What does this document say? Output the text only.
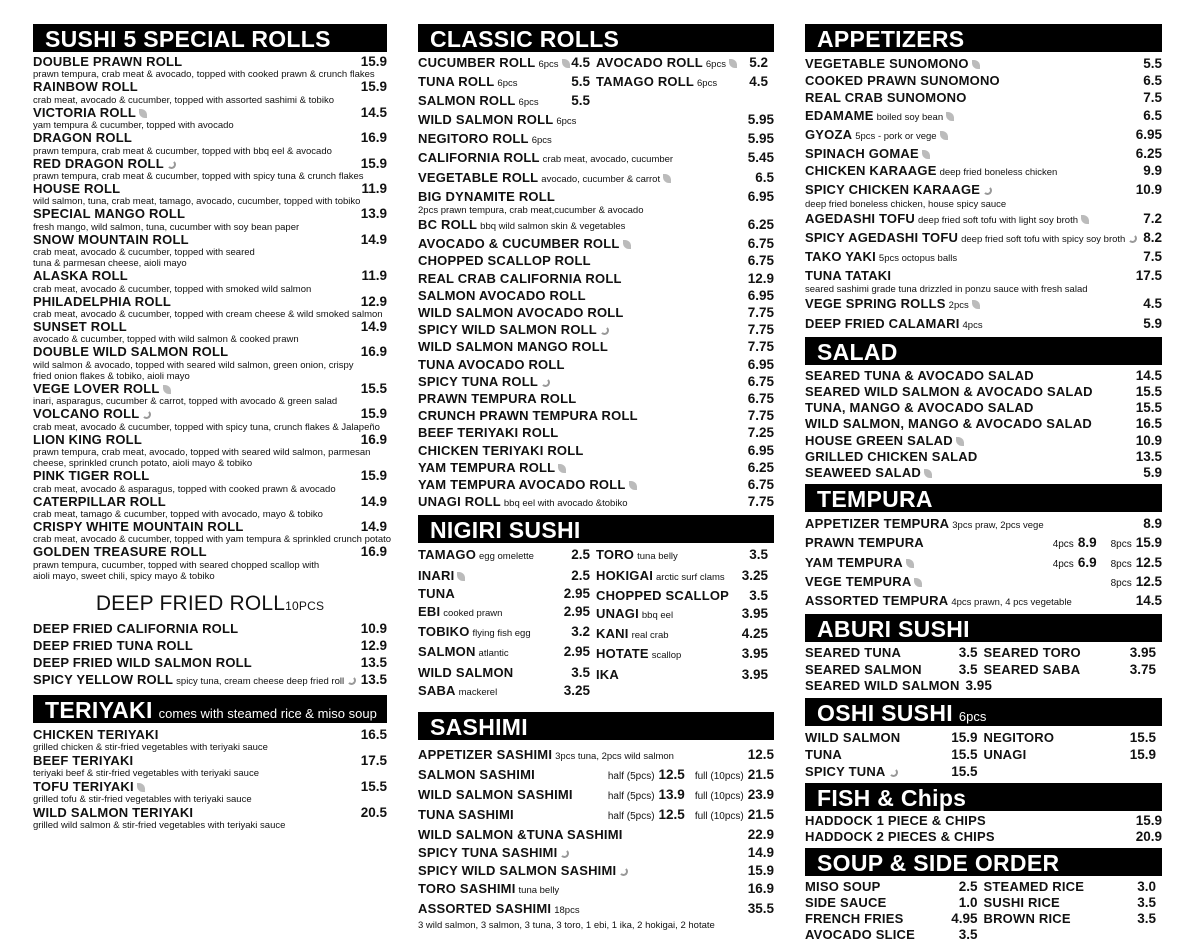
SUSHI 5 SPECIAL ROLLS
DOUBLE PRAWN ROLL	15.9
prawn tempura, crab meat & avocado, topped with cooked prawn & crunch flakes
RAINBOW ROLL	15.9
crab meat, avocado & cucumber, topped with assorted sashimi & tobiko
VICTORIA ROLL	14.5
yam tempura & cucumber, topped with avocado
DRAGON ROLL	16.9
prawn tempura, crab meat & cucumber, topped with bbq eel & avocado
RED DRAGON ROLL	15.9
prawn tempura, crab meat & cucumber, topped with spicy tuna & crunch flakes
HOUSE ROLL	11.9
wild salmon, tuna, crab meat, tamago, avocado, cucumber, topped with tobiko
SPECIAL MANGO ROLL	13.9
fresh mango, wild salmon, tuna, cucumber with soy bean paper
SNOW MOUNTAIN ROLL	14.9
crab meat, avocado & cucumber, topped with seared
tuna & parmesan cheese, aioli mayo
ALASKA ROLL	11.9
crab meat, avocado & cucumber, topped with smoked wild salmon
PHILADELPHIA ROLL	12.9
crab meat, avocado & cucumber, topped with cream cheese & wild smoked salmon
SUNSET ROLL	14.9
avocado & cucumber, topped with wild salmon & cooked prawn
DOUBLE WILD SALMON ROLL	16.9
wild salmon & avocado, topped with seared wild salmon, green onion, crispy
fried onion flakes & tobiko, aioli mayo
VEGE LOVER ROLL	15.5
inari, asparagus, cucumber & carrot, topped with avocado & green salad
VOLCANO ROLL	15.9
crab meat, avocado & cucumber, topped with spicy tuna, crunch flakes & Jalapeño
LION KING ROLL	16.9
prawn tempura, crab meat, avocado, topped with seared wild salmon, parmesan
cheese, sprinkled crunch potato, aioli mayo & tobiko
PINK TIGER ROLL	15.9
crab meat, avocado & asparagus, topped with cooked prawn & avocado
CATERPILLAR ROLL	14.9
crab meat, tamago & cucumber, topped with avocado, mayo & tobiko
CRISPY WHITE MOUNTAIN ROLL	14.9
crab meat, avocado & cucumber, topped with yam tempura & sprinkled crunch potato
GOLDEN TREASURE ROLL	16.9
prawn tempura, cucumber, topped with seared chopped scallop with
aioli mayo, sweet chili, spicy mayo & tobiko
DEEP FRIED ROLL10PCS
DEEP FRIED CALIFORNIA ROLL	10.9
DEEP FRIED TUNA ROLL	12.9
DEEP FRIED WILD SALMON ROLL	13.5
SPICY YELLOW ROLL spicy tuna, cream cheese deep fried roll	13.5
TERIYAKI comes with steamed rice & miso soup
CHICKEN TERIYAKI	16.5
grilled chicken & stir-fried vegetables with teriyaki sauce
BEEF TERIYAKI	17.5
teriyaki beef & stir-fried vegetables with teriyaki sauce
TOFU TERIYAKI	15.5
grilled tofu & stir-fried vegetables with teriyaki sauce
WILD SALMON TERIYAKI	20.5
grilled wild salmon & stir-fried vegetables with teriyaki sauce
CLASSIC ROLLS
CUCUMBER ROLL 6pcs 4.5 AVOCADO ROLL 6pcs	5.2
TUNA ROLL 6pcs	5.5 TAMAGO ROLL 6pcs 4.5
SALMON ROLL 6pcs 5.5
WILD SALMON ROLL 6pcs	5.95
NEGITORO ROLL 6pcs	5.95
CALIFORNIA ROLL crab meat, avocado, cucumber	5.45
VEGETABLE ROLL avocado, cucumber & carrot	6.5
BIG DYNAMITE ROLL	6.95
2pcs prawn tempura, crab meat,cucumber & avocado
BC ROLL bbq wild salmon skin & vegetables	6.25
AVOCADO & CUCUMBER ROLL	6.75
CHOPPED SCALLOP ROLL	6.75
REAL CRAB CALIFORNIA ROLL	12.9
SALMON AVOCADO ROLL	6.95
WILD SALMON AVOCADO ROLL	7.75
SPICY WILD SALMON ROLL	7.75
WILD SALMON MANGO ROLL	7.75
TUNA AVOCADO ROLL	6.95
SPICY TUNA ROLL	6.75
PRAWN TEMPURA ROLL	6.75
CRUNCH PRAWN TEMPURA ROLL	7.75
BEEF TERIYAKI ROLL	7.25
CHICKEN TERIYAKI ROLL	6.95
YAM TEMPURA ROLL	6.25
YAM TEMPURA AVOCADO ROLL	6.75
UNAGI ROLL bbq eel with avocado &tobiko	7.75
NIGIRI SUSHI
TAMAGO egg omelette	2.5
INARI	2.5
TUNA	2.95
EBI cooked prawn	2.95
TOBIKO flying fish egg	3.2
SALMON atlantic	2.95
WILD SALMON	3.5
SABA mackerel	3.25
TORO tuna belly	3.5
HOKIGAI arctic surf clams 3.25
CHOPPED SCALLOP 3.5
UNAGI bbq eel	3.95
KANI real crab	4.25
HOTATE scallop	3.95
IKA	3.95
SASHIMI
APPETIZER SASHIMI 3pcs tuna, 2pcs wild salmon	12.5
SALMON SASHIMI	half (5pcs) 12.5 full (10pcs) 21.5
WILD SALMON SASHIMI	half (5pcs) 13.9 full (10pcs) 23.9
TUNA SASHIMI	half (5pcs) 12.5 full (10pcs) 21.5
WILD SALMON &TUNA SASHIMI	22.9
SPICY TUNA SASHIMI	14.9
SPICY WILD SALMON SASHIMI	15.9
TORO SASHIMI tuna belly	16.9
ASSORTED SASHIMI 18pcs	35.5
3 wild salmon, 3 salmon, 3 tuna, 3 toro, 1 ebi, 1 ika, 2 hokigai, 2 hotate
APPETIZERS
VEGETABLE SUNOMONO	5.5
COOKED PRAWN SUNOMONO	6.5
REAL CRAB SUNOMONO	7.5
EDAMAME boiled soy bean	6.5
GYOZA 5pcs - pork or vege	6.95
SPINACH GOMAE	6.25
CHICKEN KARAAGE deep fried boneless chicken	9.9
SPICY CHICKEN KARAAGE	10.9
deep fried boneless chicken, house spicy sauce
AGEDASHI TOFU deep fried soft tofu with light soy broth	7.2
SPICY AGEDASHI TOFU deep fried soft tofu with spicy soy broth	8.2
TAKO YAKI 5pcs octopus balls	7.5
TUNA TATAKI	17.5
seared sashimi grade tuna drizzled in ponzu sauce with fresh salad
VEGE SPRING ROLLS 2pcs	4.5
DEEP FRIED CALAMARI 4pcs	5.9
SALAD
SEARED TUNA & AVOCADO SALAD	14.5
SEARED WILD SALMON & AVOCADO SALAD	15.5
TUNA, MANGO & AVOCADO SALAD	15.5
WILD SALMON, MANGO & AVOCADO SALAD	16.5
HOUSE GREEN SALAD	10.9
GRILLED CHICKEN SALAD	13.5
SEAWEED SALAD	5.9
TEMPURA
APPETIZER TEMPURA 3pcs praw, 2pcs vege	8.9
PRAWN TEMPURA	4pcs 8.9 8pcs 15.9
YAM TEMPURA	4pcs 6.9 8pcs 12.5
VEGE TEMPURA	8pcs 12.5
ASSORTED TEMPURA 4pcs prawn, 4 pcs vegetable	14.5
ABURI SUSHI
SEARED TUNA	3.5 SEARED TORO	3.95
SEARED SALMON	3.5 SEARED SABA	3.75
SEARED WILD SALMON 3.95
OSHI SUSHI 6pcs
WILD SALMON	15.9
TUNA	15.5
SPICY TUNA	15.5
NEGITORO	15.5
UNAGI	15.9
FISH & Chips
HADDOCK 1 PIECE & CHIPS	15.9
HADDOCK 2 PIECES & CHIPS	20.9
SOUP & SIDE ORDER
MISO SOUP	2.5
SIDE SAUCE	1.0
FRENCH FRIES	4.95
AVOCADO SLICE	3.5
STEAMED RICE	3.0
SUSHI RICE	3.5
BROWN RICE	3.5
